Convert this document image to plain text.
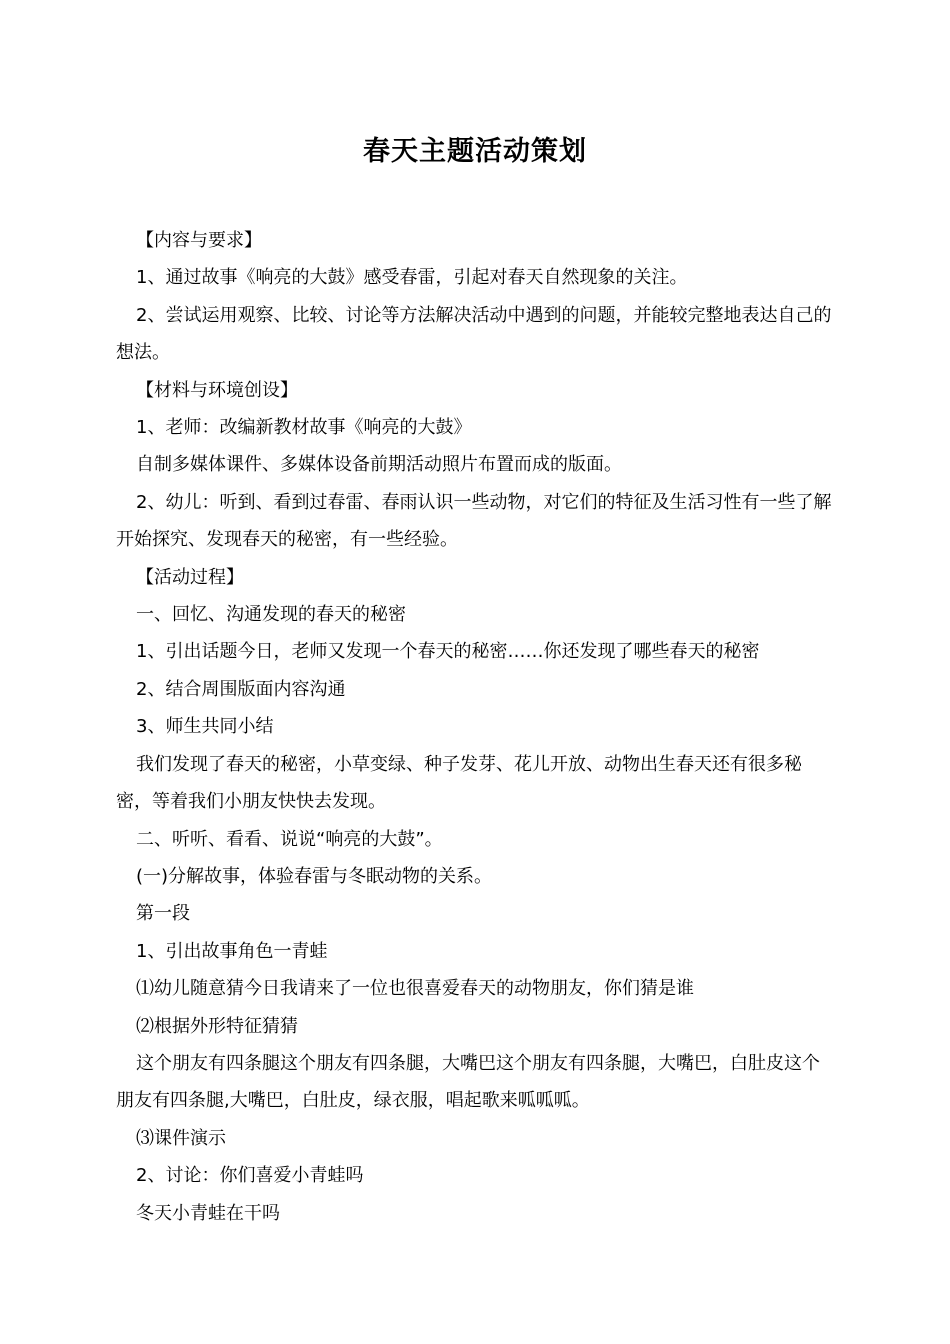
春天主题活动策划

【内容与要求】

1、通过故事《响亮的大鼓》感受春雷，引起对春天自然现象的关注。

2、尝试运用观察、比较、讨论等方法解决活动中遇到的问题，并能较完整地表达自己的想法。

【材料与环境创设】

1、老师：改编新教材故事《响亮的大鼓》

自制多媒体课件、多媒体设备前期活动照片布置而成的版面。

2、幼儿：听到、看到过春雷、春雨认识一些动物，对它们的特征及生活习性有一些了解开始探究、发现春天的秘密，有一些经验。

【活动过程】

一、回忆、沟通发现的春天的秘密

1、引出话题今日，老师又发现一个春天的秘密……你还发现了哪些春天的秘密

2、结合周围版面内容沟通

3、师生共同小结

我们发现了春天的秘密，小草变绿、种子发芽、花儿开放、动物出生春天还有很多秘密，等着我们小朋友快快去发现。

二、听听、看看、说说“响亮的大鼓”。

(一)分解故事，体验春雷与冬眠动物的关系。

第一段

1、引出故事角色一青蛙

⑴幼儿随意猜今日我请来了一位也很喜爱春天的动物朋友，你们猜是谁

⑵根据外形特征猜猜

这个朋友有四条腿这个朋友有四条腿，大嘴巴这个朋友有四条腿，大嘴巴，白肚皮这个朋友有四条腿,大嘴巴，白肚皮，绿衣服，唱起歌来呱呱呱。

⑶课件演示

2、讨论：你们喜爱小青蛙吗

冬天小青蛙在干吗
